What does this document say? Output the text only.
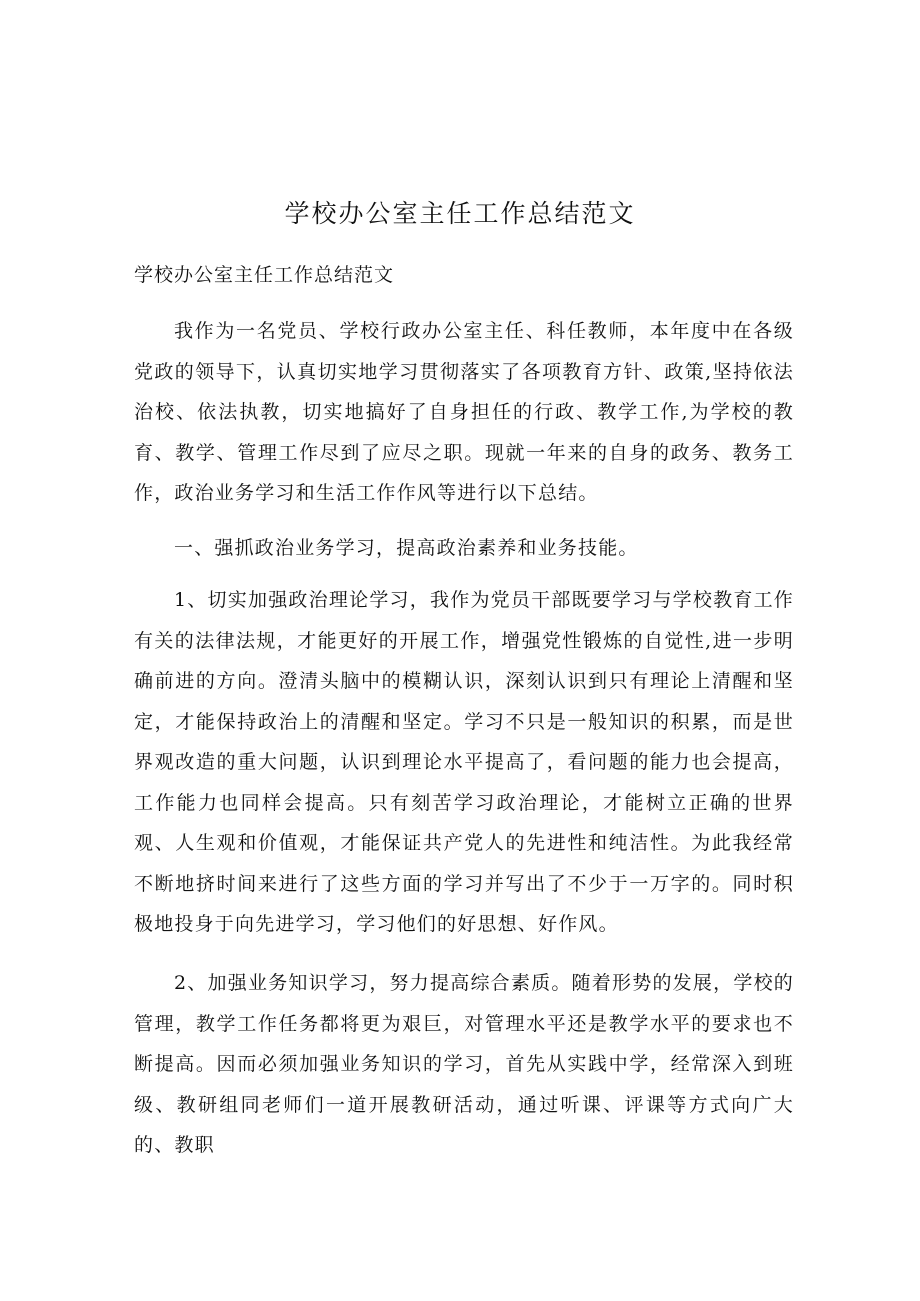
学校办公室主任工作总结范文

学校办公室主任工作总结范文

我作为一名党员、学校行政办公室主任、科任教师，本年度中在各级党政的领导下，认真切实地学习贯彻落实了各项教育方针、政策,坚持依法治校、依法执教，切实地搞好了自身担任的行政、教学工作,为学校的教育、教学、管理工作尽到了应尽之职。现就一年来的自身的政务、教务工作，政治业务学习和生活工作作风等进行以下总结。

一、强抓政治业务学习，提高政治素养和业务技能。

1、切实加强政治理论学习，我作为党员干部既要学习与学校教育工作有关的法律法规，才能更好的开展工作，增强党性锻炼的自觉性,进一步明确前进的方向。澄清头脑中的模糊认识，深刻认识到只有理论上清醒和坚定，才能保持政治上的清醒和坚定。学习不只是一般知识的积累，而是世界观改造的重大问题，认识到理论水平提高了，看问题的能力也会提高，工作能力也同样会提高。只有刻苦学习政治理论，才能树立正确的世界观、人生观和价值观，才能保证共产党人的先进性和纯洁性。为此我经常不断地挤时间来进行了这些方面的学习并写出了不少于一万字的。同时积极地投身于向先进学习，学习他们的好思想、好作风。

2、加强业务知识学习，努力提高综合素质。随着形势的发展，学校的管理，教学工作任务都将更为艰巨，对管理水平还是教学水平的要求也不断提高。因而必须加强业务知识的学习，首先从实践中学，经常深入到班级、教研组同老师们一道开展教研活动，通过听课、评课等方式向广大的、教职
